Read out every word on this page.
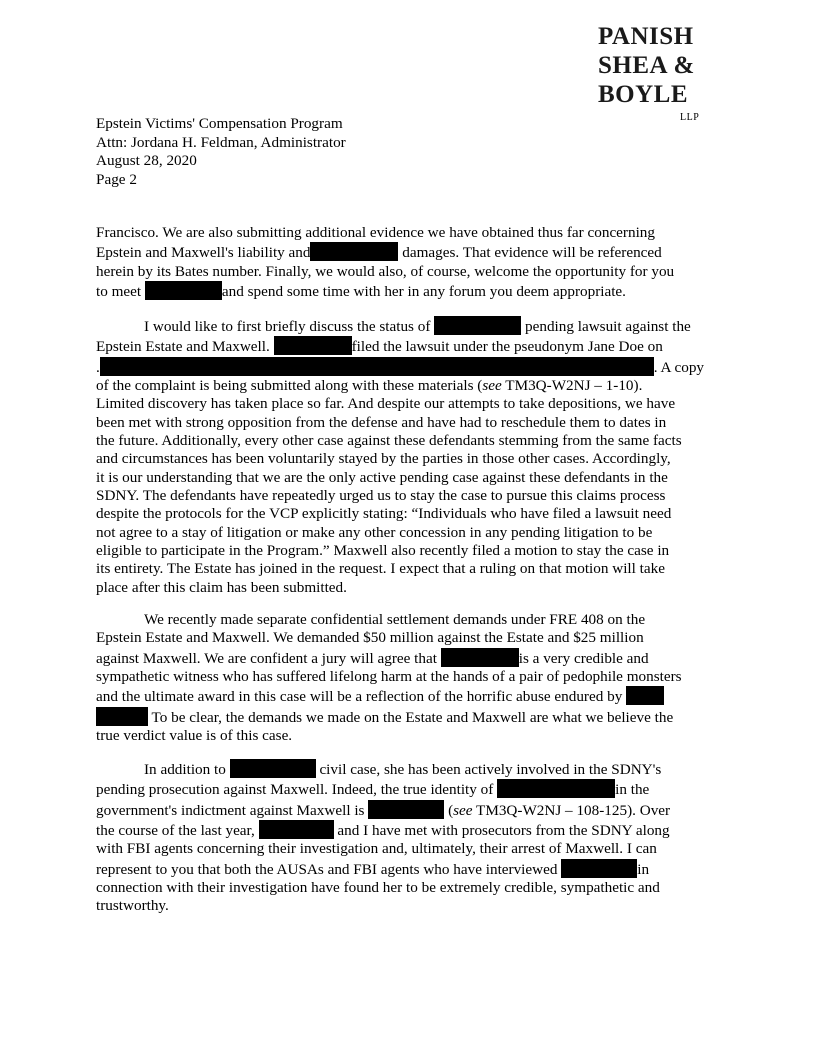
PANISH
SHEA &
BOYLE
LLP
Epstein Victims' Compensation Program
Attn: Jordana H. Feldman, Administrator
August 28, 2020
Page 2
Francisco. We are also submitting additional evidence we have obtained thus far concerning
Epstein and Maxwell's liability and	damages. That evidence will be referenced
herein by its Bates number. Finally, we would also, of course, welcome the opportunity for you
to meet	and spend some time with her in any forum you deem appropriate.
I would like to first briefly discuss the status of	pending lawsuit against the
Epstein Estate and Maxwell.	filed the lawsuit under the pseudonym Jane Doe on
.	. A copy
of the complaint is being submitted along with these materials (see TM3Q-W2NJ – 1-10).
Limited discovery has taken place so far. And despite our attempts to take depositions, we have
been met with strong opposition from the defense and have had to reschedule them to dates in
the future. Additionally, every other case against these defendants stemming from the same facts
and circumstances has been voluntarily stayed by the parties in those other cases. Accordingly,
it is our understanding that we are the only active pending case against these defendants in the
SDNY. The defendants have repeatedly urged us to stay the case to pursue this claims process
despite the protocols for the VCP explicitly stating: “Individuals who have filed a lawsuit need
not agree to a stay of litigation or make any other concession in any pending litigation to be
eligible to participate in the Program.” Maxwell also recently filed a motion to stay the case in
its entirety. The Estate has joined in the request. I expect that a ruling on that motion will take
place after this claim has been submitted.
We recently made separate confidential settlement demands under FRE 408 on the
Epstein Estate and Maxwell. We demanded $50 million against the Estate and $25 million
against Maxwell. We are confident a jury will agree that	is a very credible and
sympathetic witness who has suffered lifelong harm at the hands of a pair of pedophile monsters
and the ultimate award in this case will be a reflection of the horrific abuse endured by
To be clear, the demands we made on the Estate and Maxwell are what we believe the
true verdict value is of this case.
In addition to	civil case, she has been actively involved in the SDNY's
pending prosecution against Maxwell. Indeed, the true identity of	in the
government's indictment against Maxwell is	(see TM3Q-W2NJ – 108-125). Over
the course of the last year,	and I have met with prosecutors from the SDNY along
with FBI agents concerning their investigation and, ultimately, their arrest of Maxwell. I can
represent to you that both the AUSAs and FBI agents who have interviewed	in
connection with their investigation have found her to be extremely credible, sympathetic and
trustworthy.
